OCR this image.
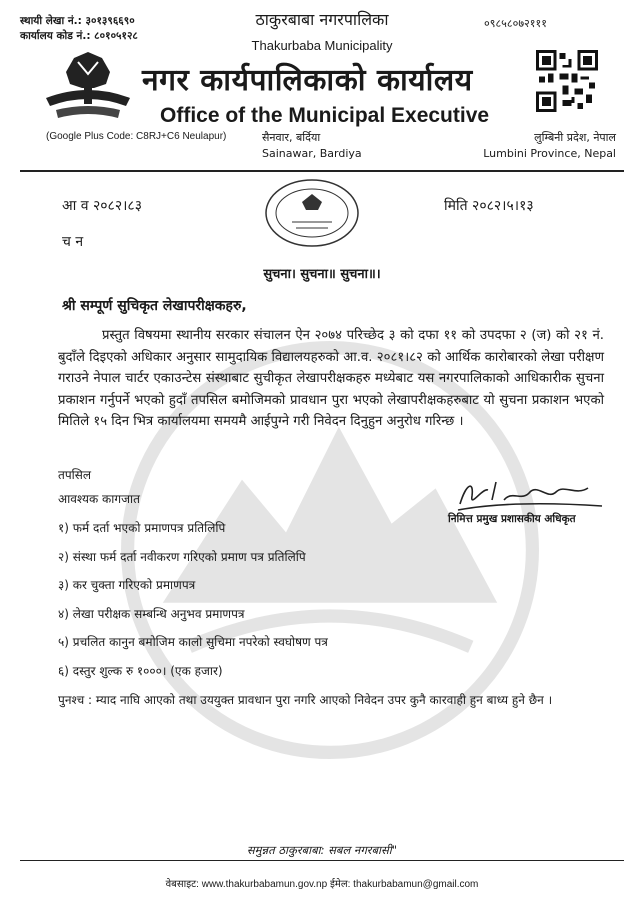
स्थायी लेखा नं.: ३०१३९६६९०
कार्यालय कोड नं.: ८०१०५१२८
०९८५८०७२१११
ठाकुरबाबा नगरपालिका
Thakurbaba Municipality
नगर कार्यपालिकाको कार्यालय
Office of the Municipal Executive
(Google Plus Code: C8RJ+C6 Neulapur)	सैनवार, बर्दिया
Sainawar, Bardiya
लुम्बिनी प्रदेश, नेपाल
Lumbini Province, Nepal
आ व २०८२।८३	मिति २०८२।५।१३
च न
सुचना। सुचना॥ सुचना॥।
श्री सम्पूर्ण सुचिकृत लेखापरीक्षकहरु,
प्रस्तुत विषयमा स्थानीय सरकार संचालन ऐन २०७४ परिच्छेद ३ को दफा ११ को उपदफा २ (ज) को २१ नं. बुदाँले दिइएको अधिकार अनुसार सामुदायिक विद्यालयहरुको आ.व. २०८१।८२ को आर्थिक कारोबारको लेखा परीक्षण गराउने नेपाल चार्टर एकाउन्टेस संस्थाबाट सुचीकृत लेखापरीक्षकहरु मध्येबाट यस नगरपालिकाको आधिकारीक सुचना प्रकाशन गर्नुपर्ने भएको हुदाँ तपसिल बमोजिमको प्रावधान पुरा भएको लेखापरीक्षकहरुबाट यो सुचना प्रकाशन भएको मितिले १५ दिन भित्र कार्यालयमा समयमै आईपुग्ने गरी निवेदन दिनुहुन अनुरोध गरिन्छ ।
निमित्त प्रमुख प्रशासकीय अधिकृत
तपसिल
आवश्यक कागजात
१) फर्म दर्ता भएको प्रमाणपत्र प्रतिलिपि
२) संस्था फर्म दर्ता नवीकरण गरिएको प्रमाण पत्र प्रतिलिपि
३) कर चुक्ता गरिएको प्रमाणपत्र
४) लेखा परीक्षक सम्बन्धि अनुभव प्रमाणपत्र
५) प्रचलित कानुन बमोजिम कालो सुचिमा नपरेको स्वघोषण पत्र
६) दस्तुर शुल्क रु १०००। (एक हजार)
पुनश्च : म्याद नाघि आएको तथा उययुक्त प्रावधान पुरा नगरि आएको निवेदन उपर कुनै कारवाही हुन बाध्य हुने छैन ।
समुन्नत ठाकुरबाबा: सबल नगरबासी"
वेबसाइट: www.thakurbabamun.gov.np ईमेल: thakurbabamun@gmail.com
